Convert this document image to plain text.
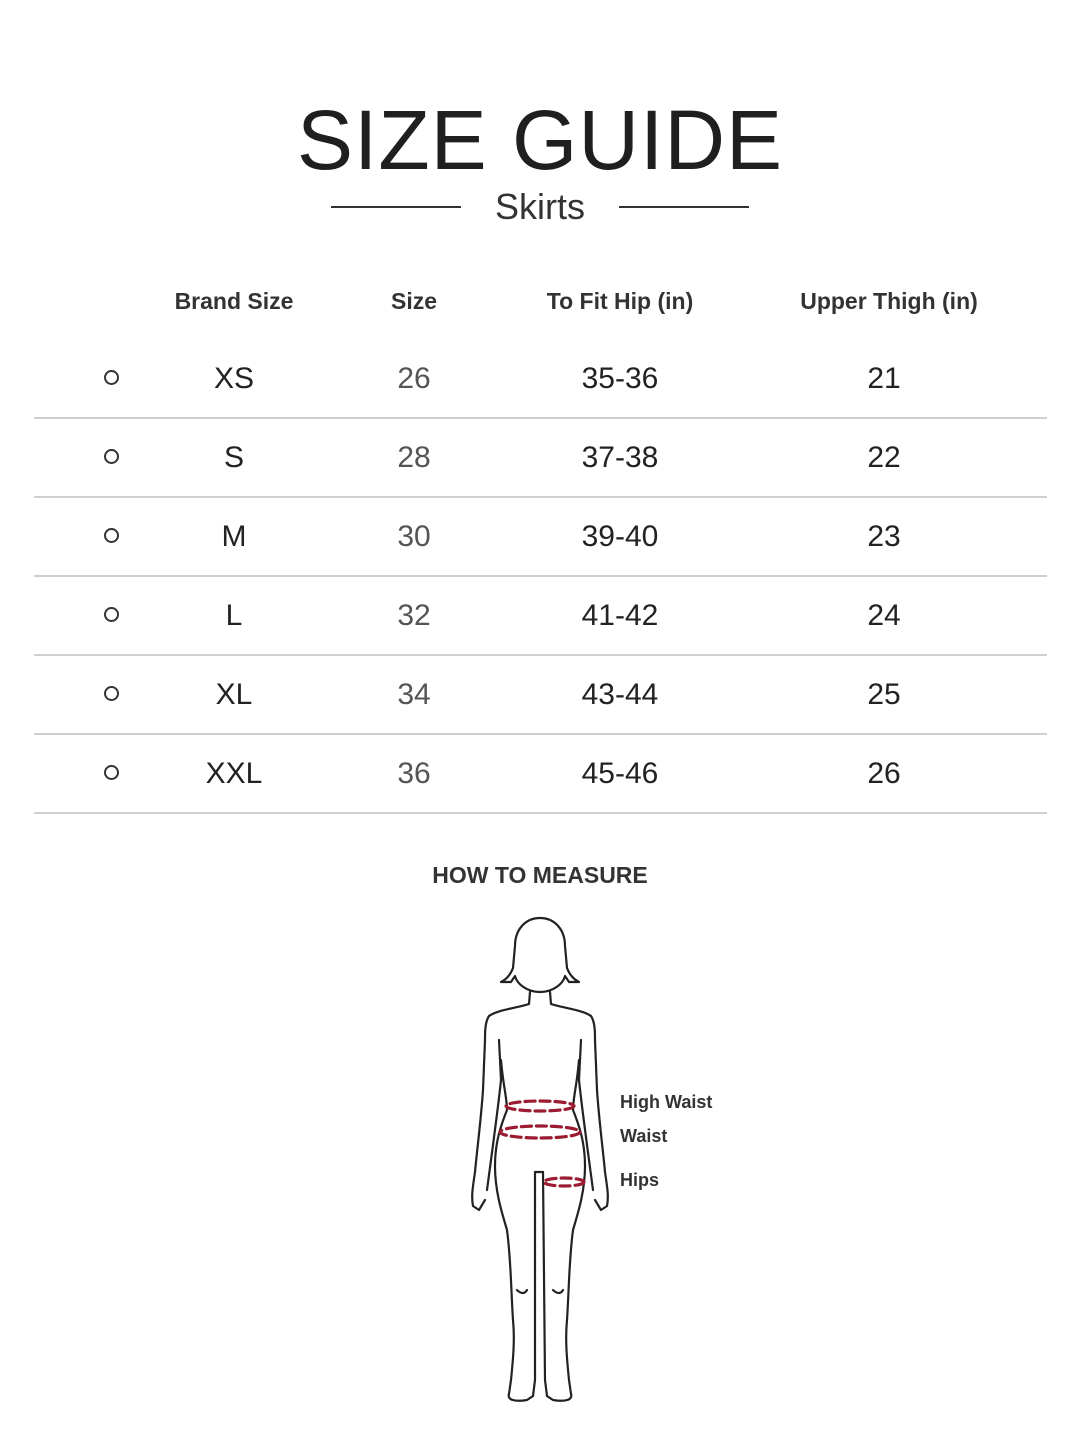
SIZE GUIDE
Skirts
Brand Size	Size	To Fit Hip (in)	Upper Thigh (in)
XS	26	35-36	21
S	28	37-38	22
M	30	39-40	23
L	32	41-42	24
XL	34	43-44	25
XXL	36	45-46	26
HOW TO MEASURE
High Waist
Waist
Hips
